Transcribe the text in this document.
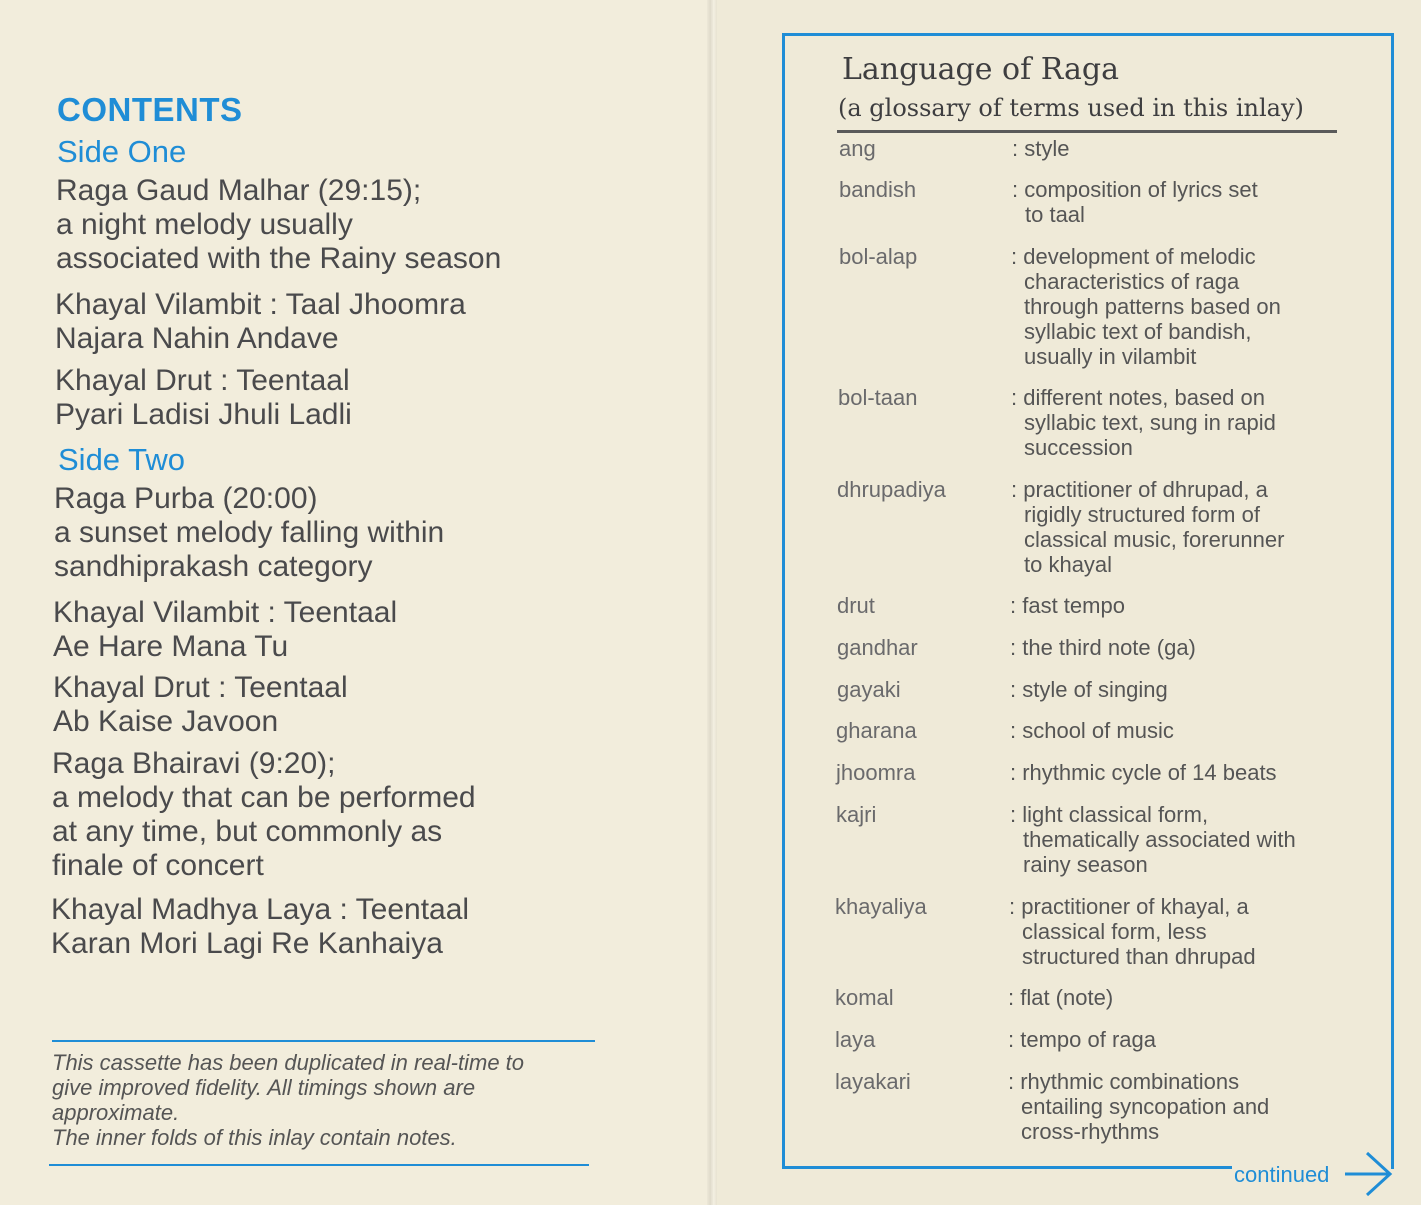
CONTENTS
Side One
Raga Gaud Malhar (29:15);
a night melody usually
associated with the Rainy season
Khayal Vilambit : Taal Jhoomra
Najara Nahin Andave
Khayal Drut : Teentaal
Pyari Ladisi Jhuli Ladli
Side Two
Raga Purba (20:00)
a sunset melody falling within
sandhiprakash category
Khayal Vilambit : Teentaal
Ae Hare Mana Tu
Khayal Drut : Teentaal
Ab Kaise Javoon
Raga Bhairavi (9:20);
a melody that can be performed
at any time, but commonly as
finale of concert
Khayal Madhya Laya : Teentaal
Karan Mori Lagi Re Kanhaiya
This cassette has been duplicated in real-time to
give improved fidelity. All timings shown are
approximate.
The inner folds of this inlay contain notes.
Language of Raga
(a glossary of terms used in this inlay)
ang	: style
bandish	: composition of lyrics set
to taal
bol-alap	: development of melodic
characteristics of raga
through patterns based on
syllabic text of bandish,
usually in vilambit
bol-taan	: different notes, based on
syllabic text, sung in rapid
succession
dhrupadiya	: practitioner of dhrupad, a
rigidly structured form of
classical music, forerunner
to khayal
drut	: fast tempo
gandhar	: the third note (ga)
gayaki	: style of singing
gharana	: school of music
jhoomra	: rhythmic cycle of 14 beats
kajri	: light classical form,
thematically associated with
rainy season
khayaliya	: practitioner of khayal, a
classical form, less
structured than dhrupad
komal	: flat (note)
laya	: tempo of raga
layakari	: rhythmic combinations
entailing syncopation and
cross-rhythms
continued
